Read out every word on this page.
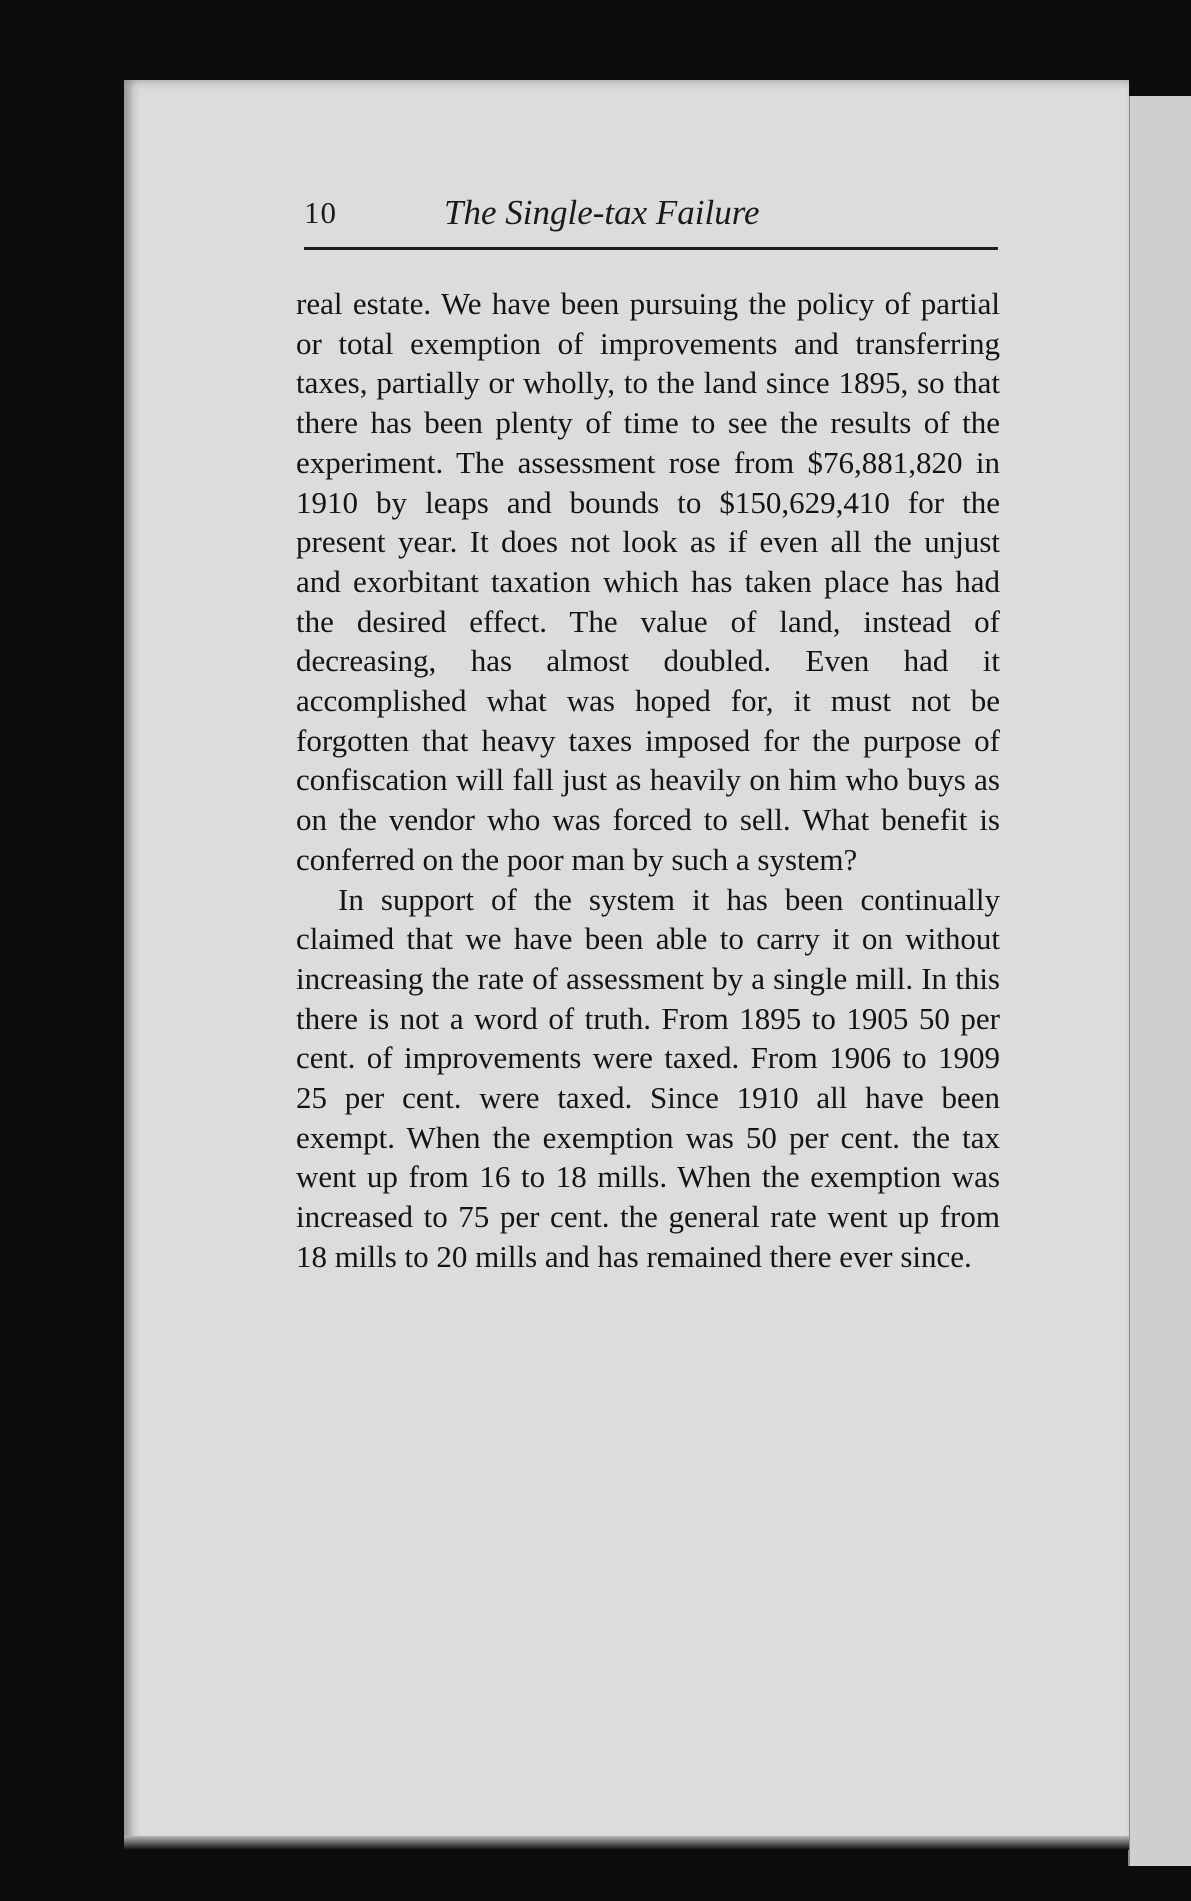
10	The Single-tax Failure

real estate. We have been pursuing the policy of partial or total exemption of improvements and transferring taxes, partially or wholly, to the land since 1895, so that there has been plenty of time to see the results of the experiment. The assessment rose from $76,881,820 in 1910 by leaps and bounds to $150,629,410 for the present year. It does not look as if even all the unjust and exorbitant taxation which has taken place has had the desired effect. The value of land, instead of decreasing, has almost doubled. Even had it accomplished what was hoped for, it must not be forgotten that heavy taxes imposed for the purpose of confiscation will fall just as heavily on him who buys as on the vendor who was forced to sell. What benefit is conferred on the poor man by such a system?

In support of the system it has been continually claimed that we have been able to carry it on without increasing the rate of assessment by a single mill. In this there is not a word of truth. From 1895 to 1905 50 per cent. of improvements were taxed. From 1906 to 1909 25 per cent. were taxed. Since 1910 all have been exempt. When the exemption was 50 per cent. the tax went up from 16 to 18 mills. When the exemption was increased to 75 per cent. the general rate went up from 18 mills to 20 mills and has remained there ever since.
